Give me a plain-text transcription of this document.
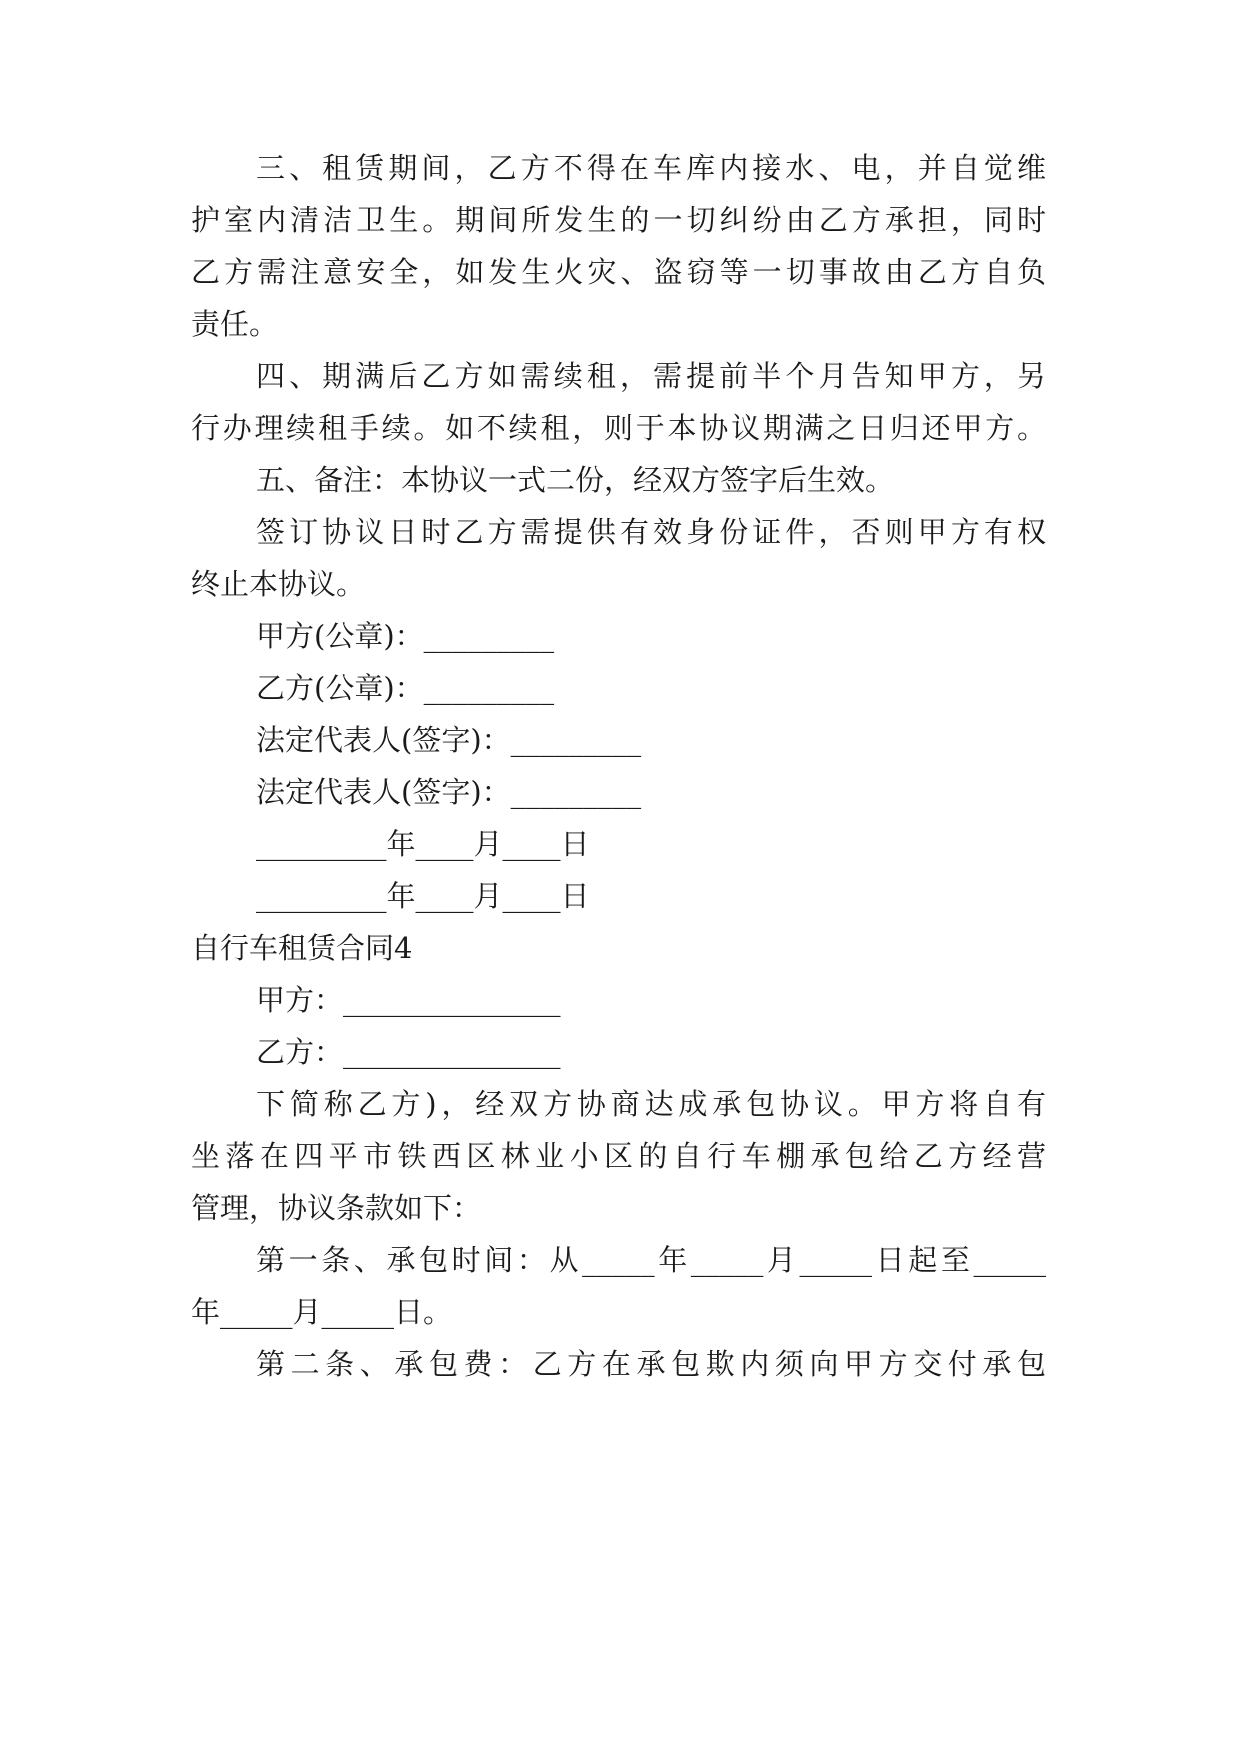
三、租赁期间，乙方不得在车库内接水、电，并自觉维
护室内清洁卫生。期间所发生的一切纠纷由乙方承担，同时
乙方需注意安全，如发生火灾、盗窃等一切事故由乙方自负
责任。
四、期满后乙方如需续租，需提前半个月告知甲方，另
行办理续租手续。如不续租，则于本协议期满之日归还甲方。
五、备注：本协议一式二份，经双方签字后生效。
签订协议日时乙方需提供有效身份证件，否则甲方有权
终止本协议。
甲方(公章)：_________
乙方(公章)：_________
法定代表人(签字)：_________
法定代表人(签字)：_________
_________年____月____日
_________年____月____日
自行车租赁合同4
甲方：_______________
乙方：_______________
下简称乙方)，经双方协商达成承包协议。甲方将自有
坐落在四平市铁西区林业小区的自行车棚承包给乙方经营
管理，协议条款如下：
第一条、承包时间：从_____年_____月_____日起至_____
年_____月_____日。
第二条、承包费：乙方在承包欺内须向甲方交付承包
